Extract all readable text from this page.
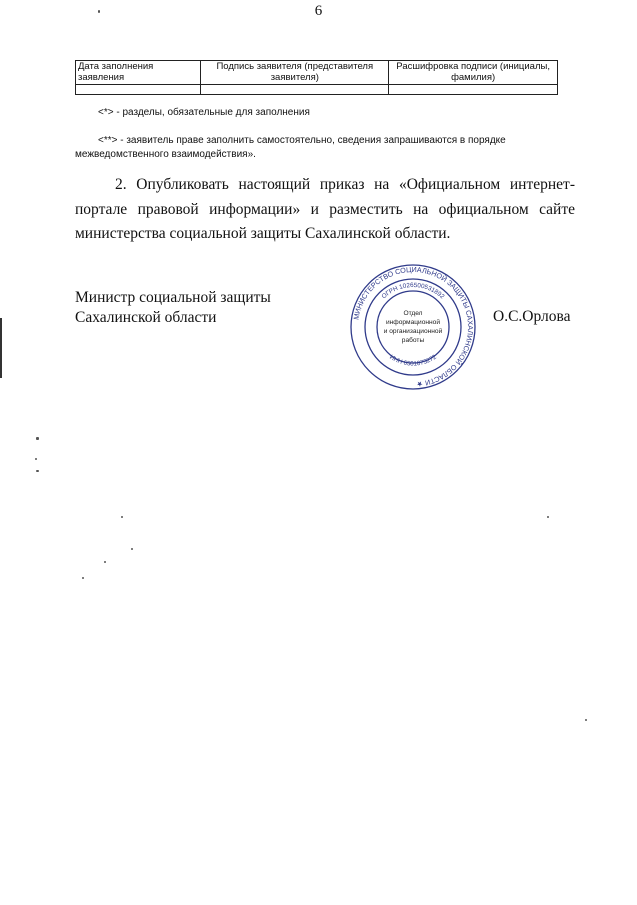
6
Дата заполнения заявления	Подпись заявителя (представителя заявителя)	Расшифровка подписи (инициалы, фамилия)

<*> - разделы, обязательные для заполнения
<**> - заявитель праве заполнить самостоятельно, сведения запрашиваются в порядке межведомственного взаимодействия».
2. Опубликовать настоящий приказ на «Официальном интернет-портале правовой информации» и разместить на официальном сайте министерства социальной защиты Сахалинской области.
Министр социальной защиты
Сахалинской области	МИНИСТЕРСТВО СОЦИАЛЬНОЙ ЗАЩИТЫ САХАЛИНСКОЙ ОБЛАСТИ ★
ОГРН 1026500531892
ИНН 6501073272
Отдел
информационной
и организационной
работы
О.С.Орлова
